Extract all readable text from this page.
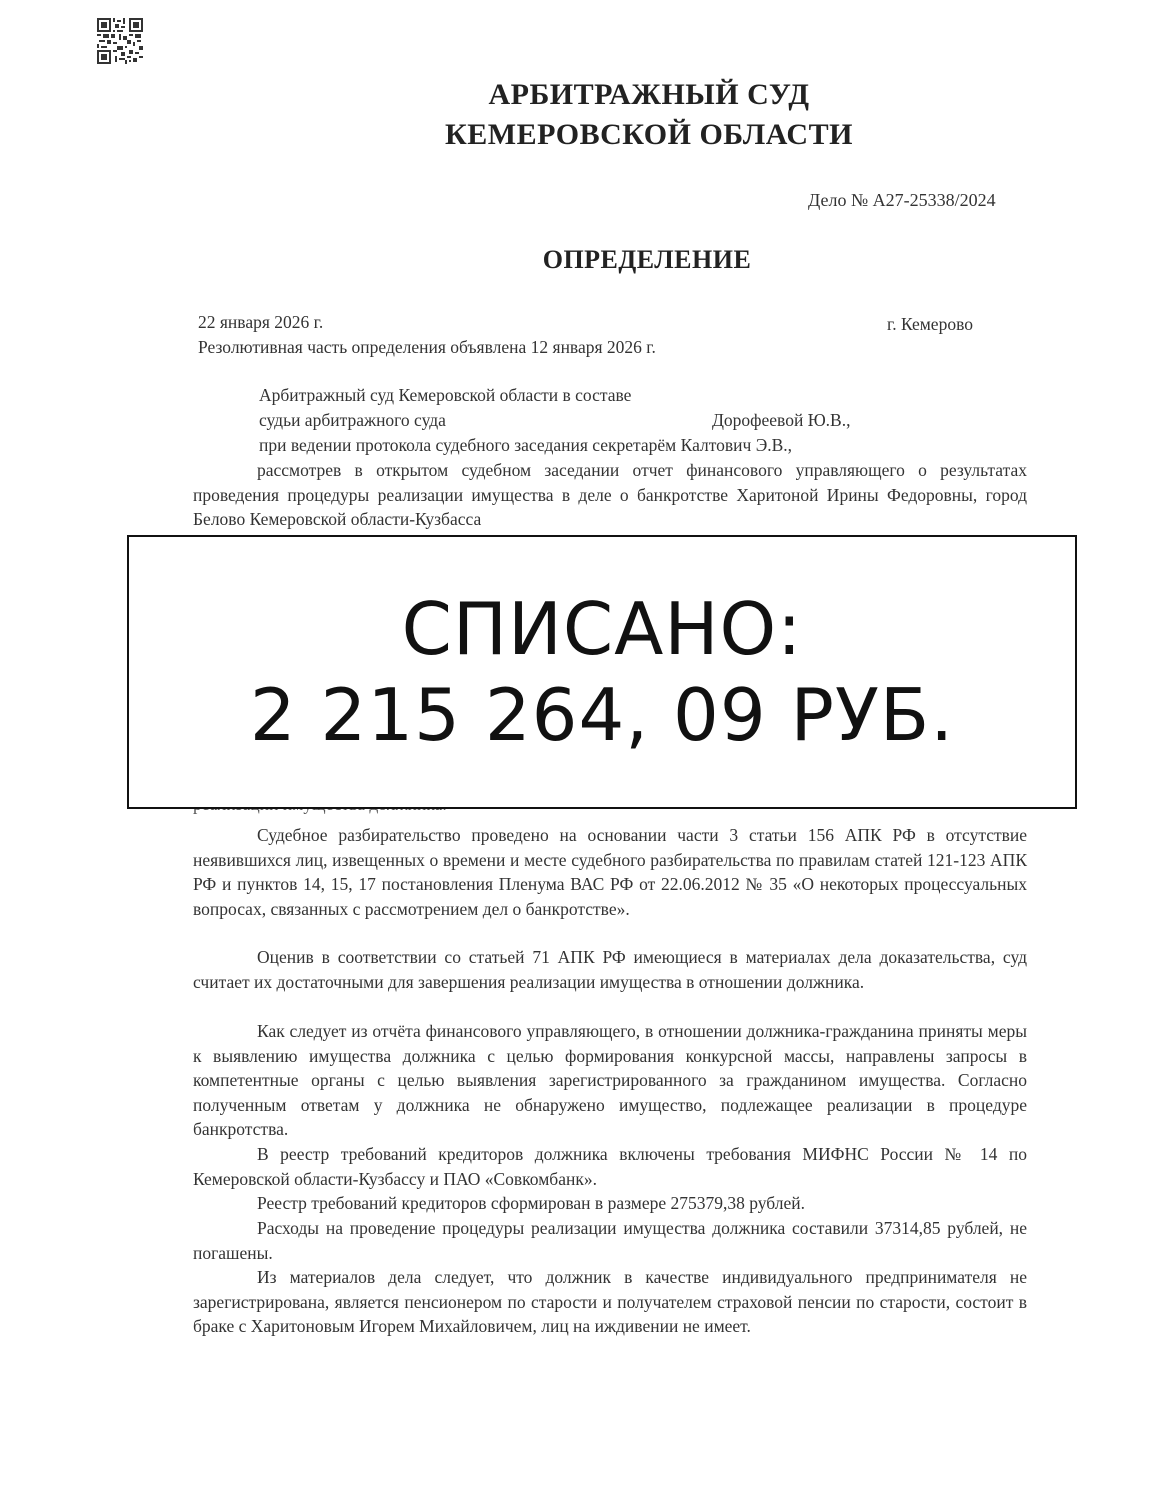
АРБИТРАЖНЫЙ СУД
КЕМЕРОВСКОЙ ОБЛАСТИ
Дело № А27-25338/2024
ОПРЕДЕЛЕНИЕ
22 января 2026 г.	г. Кемерово
Резолютивная часть определения объявлена 12 января 2026 г.
Арбитражный суд Кемеровской области в составе
судьи арбитражного суда	Дорофеевой Ю.В.,
при ведении протокола судебного заседания секретарём Калтович Э.В.,
рассмотрев в открытом судебном заседании отчет финансового управляющего о результатах проведения процедуры реализации имущества в деле о банкротстве Харитоной Ирины Федоровны, город Белово Кемеровской области-Кузбасса
СПИСАНО:
2 215 264, 09 РУБ.
Судебное разбирательство проведено на основании части 3 статьи 156 АПК РФ в отсутствие неявившихся лиц, извещенных о времени и месте судебного разбирательства по правилам статей 121-123 АПК РФ и пунктов 14, 15, 17 постановления Пленума ВАС РФ от 22.06.2012 № 35 «О некоторых процессуальных вопросах, связанных с рассмотрением дел о банкротстве».
Оценив в соответствии со статьей 71 АПК РФ имеющиеся в материалах дела доказательства, суд считает их достаточными для завершения реализации имущества в отношении должника.
Как следует из отчёта финансового управляющего, в отношении должника-гражданина приняты меры к выявлению имущества должника с целью формирования конкурсной массы, направлены запросы в компетентные органы с целью выявления зарегистрированного за гражданином имущества. Согласно полученным ответам у должника не обнаружено имущество, подлежащее реализации в процедуре банкротства.
В реестр требований кредиторов должника включены требования МИФНС России № 14 по Кемеровской области-Кузбассу и ПАО «Совкомбанк».
Реестр требований кредиторов сформирован в размере 275379,38 рублей.
Расходы на проведение процедуры реализации имущества должника составили 37314,85 рублей, не погашены.
Из материалов дела следует, что должник в качестве индивидуального предпринимателя не зарегистрирована, является пенсионером по старости и получателем страховой пенсии по старости, состоит в браке с Харитоновым Игорем Михайловичем, лиц на иждивении не имеет.
